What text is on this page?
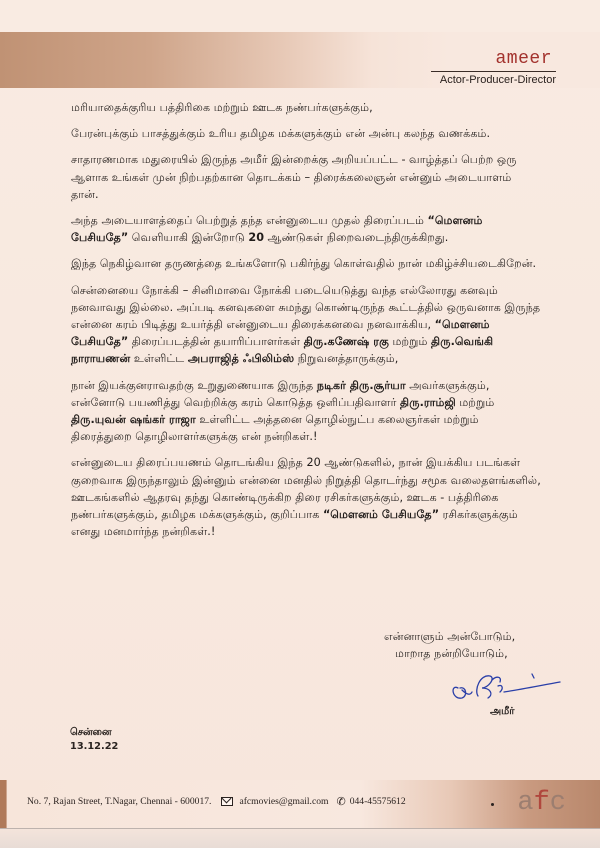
ameer
Actor-Producer-Director

மரியாதைக்குரிய பத்திரிகை மற்றும் ஊடக நண்பர்களுக்கும்,

பேரன்புக்கும் பாசத்துக்கும் உரிய தமிழக மக்களுக்கும் என் அன்பு கலந்த வணக்கம்.

சாதாரணமாக மதுரையில் இருந்த அமீர் இன்றைக்கு அறியப்பட்ட - வாழ்த்தப் பெற்ற ஒரு ஆளாக உங்கள் முன் நிற்பதற்கான தொடக்கம் – திரைக்கலைஞன் என்னும் அடையாளம் தான்.

அந்த அடையாளத்தைப் பெற்றுத் தந்த என்னுடைய முதல் திரைப்படம் “மௌனம் பேசியதே” வெளியாகி இன்றோடு 20 ஆண்டுகள் நிறைவடைந்திருக்கிறது.

இந்த நெகிழ்வான தருணத்தை உங்களோடு பகிர்ந்து கொள்வதில் நான் மகிழ்ச்சியடைகிறேன்.

சென்னையை நோக்கி – சினிமாவை நோக்கி படையெடுத்து வந்த எல்லோரது கனவும் நனவாவது இல்லை. அப்படி கனவுகளை சுமந்து கொண்டிருந்த கூட்டத்தில் ஒருவனாக இருந்த என்னை கரம் பிடித்து உயர்த்தி என்னுடைய திரைக்கனவை நனவாக்கிய, “மௌனம் பேசியதே” திரைப்படத்தின் தயாரிப்பாளர்கள் திரு.கணேஷ் ரகு மற்றும் திரு.வெங்கி நாராயணன் உள்ளிட்ட அபராஜித் ஃபிலிம்ஸ் நிறுவனத்தாருக்கும்,

நான் இயக்குனராவதற்கு உறுதுணையாக இருந்த நடிகர் திரு.சூர்யா அவர்களுக்கும், என்னோடு பயணித்து வெற்றிக்கு கரம் கொடுத்த ஒளிப்பதிவாளர் திரு.ராம்ஜி மற்றும் திரு.யுவன் ஷங்கர் ராஜா உள்ளிட்ட அத்தனை தொழில்நுட்ப கலைஞர்கள் மற்றும் திரைத்துறை தொழிலாளர்களுக்கு என் நன்றிகள்.!

என்னுடைய திரைப்பயணம் தொடங்கிய இந்த 20 ஆண்டுகளில், நான் இயக்கிய படங்கள் குறைவாக இருந்தாலும் இன்னும் என்னை மனதில் நிறுத்தி தொடர்ந்து சமூக வலைதளங்களில், ஊடகங்களில் ஆதரவு தந்து கொண்டிருக்கிற திரை ரசிகர்களுக்கும், ஊடக - பத்திரிகை நண்பர்களுக்கும், தமிழக மக்களுக்கும், குறிப்பாக “மௌனம் பேசியதே” ரசிகர்களுக்கும் எனது மனமார்ந்த நன்றிகள்.!

என்னாளும் அன்போடும்,
மாறாத நன்றியோடும்,
அமீர்
சென்னை
13.12.22
No. 7, Rajan Street, T.Nagar, Chennai - 600017.	afcmovies@gmail.com ✆ 044-45575612	afc
